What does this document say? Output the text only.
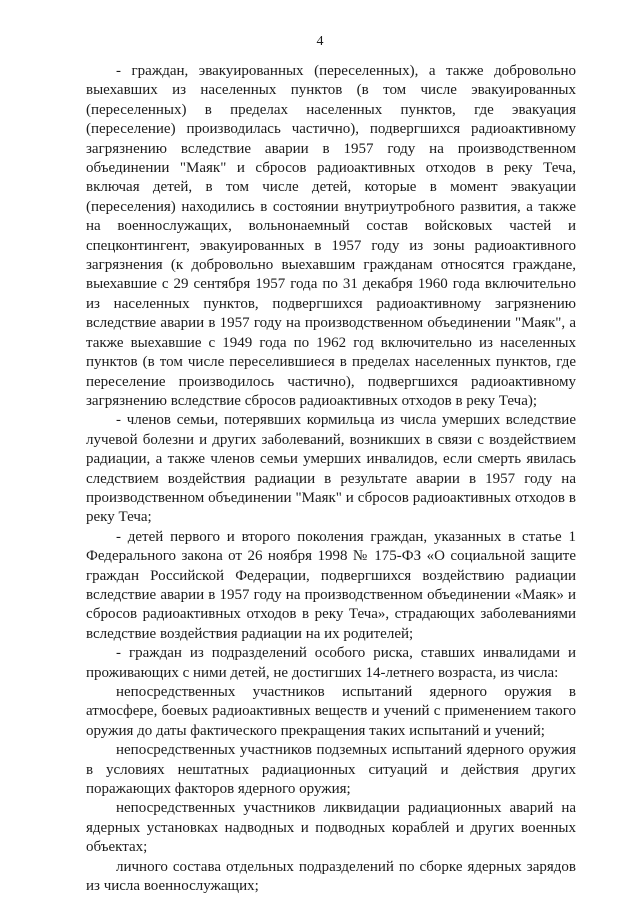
4

- граждан, эвакуированных (переселенных), а также добровольно выехавших из населенных пунктов (в том числе эвакуированных (переселенных) в пределах населенных пунктов, где эвакуация (переселение) производилась частично), подвергшихся радиоактивному загрязнению вследствие аварии в 1957 году на производственном объединении "Маяк" и сбросов радиоактивных отходов в реку Теча, включая детей, в том числе детей, которые в момент эвакуации (переселения) находились в состоянии внутриутробного развития, а также на военнослужащих, вольнонаемный состав войсковых частей и спецконтингент, эвакуированных в 1957 году из зоны радиоактивного загрязнения (к добровольно выехавшим гражданам относятся граждане, выехавшие с 29 сентября 1957 года по 31 декабря 1960 года включительно из населенных пунктов, подвергшихся радиоактивному загрязнению вследствие аварии в 1957 году на производственном объединении "Маяк", а также выехавшие с 1949 года по 1962 год включительно из населенных пунктов (в том числе переселившиеся в пределах населенных пунктов, где переселение производилось частично), подвергшихся радиоактивному загрязнению вследствие сбросов радиоактивных отходов в реку Теча);

- членов семьи, потерявших кормильца из числа умерших вследствие лучевой болезни и других заболеваний, возникших в связи с воздействием радиации, а также членов семьи умерших инвалидов, если смерть явилась следствием воздействия радиации в результате аварии в 1957 году на производственном объединении "Маяк" и сбросов радиоактивных отходов в реку Теча;

- детей первого и второго поколения граждан, указанных в статье 1 Федерального закона от 26 ноября 1998 № 175-ФЗ «О социальной защите граждан Российской Федерации, подвергшихся воздействию радиации вследствие аварии в 1957 году на производственном объединении «Маяк» и сбросов радиоактивных отходов в реку Теча», страдающих заболеваниями вследствие воздействия радиации на их родителей;

- граждан из подразделений особого риска, ставших инвалидами и проживающих с ними детей, не достигших 14-летнего возраста, из числа:

непосредственных участников испытаний ядерного оружия в атмосфере, боевых радиоактивных веществ и учений с применением такого оружия до даты фактического прекращения таких испытаний и учений;

непосредственных участников подземных испытаний ядерного оружия в условиях нештатных радиационных ситуаций и действия других поражающих факторов ядерного оружия;

непосредственных участников ликвидации радиационных аварий на ядерных установках надводных и подводных кораблей и других военных объектах;

личного состава отдельных подразделений по сборке ядерных зарядов из числа военнослужащих;
